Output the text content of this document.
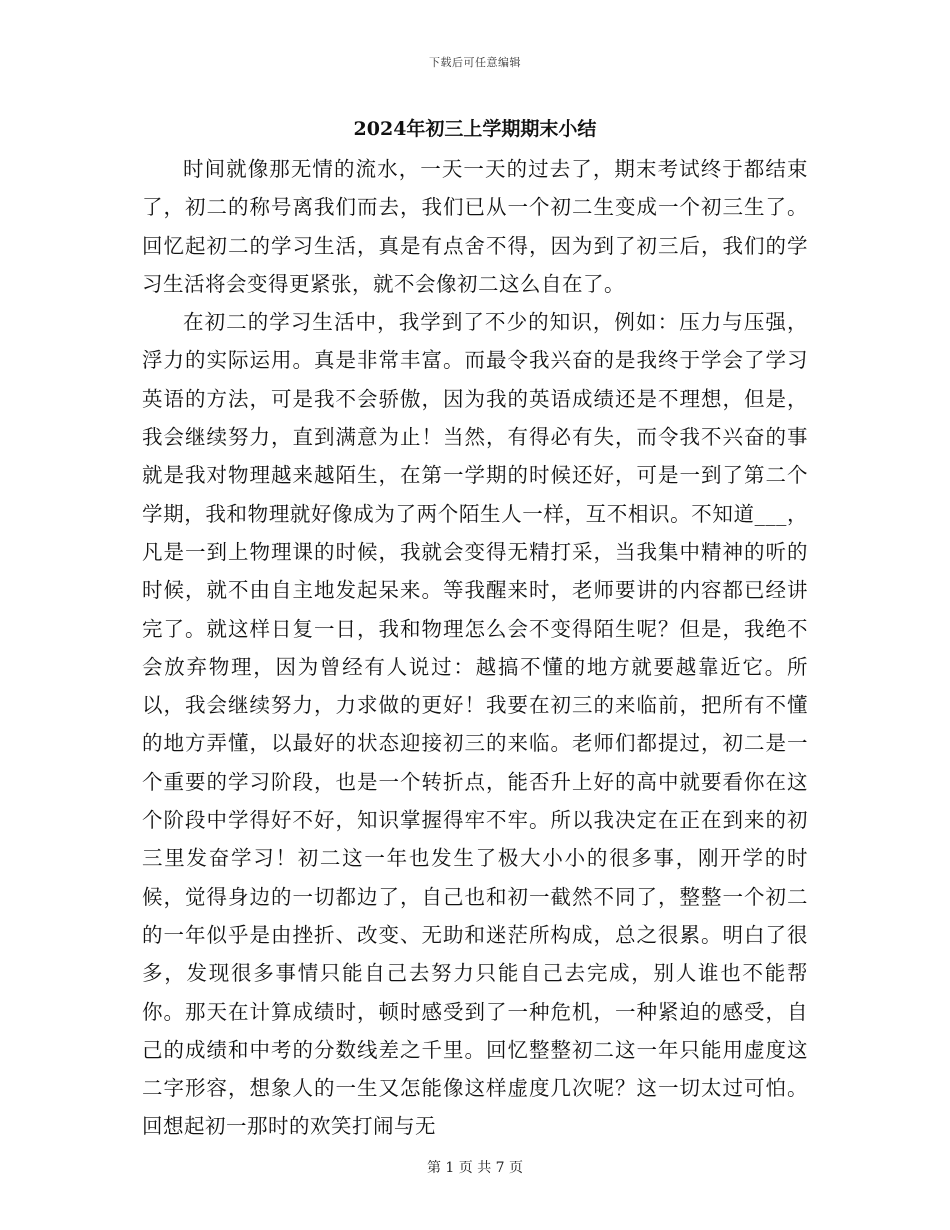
下载后可任意编辑
2024年初三上学期期末小结

时间就像那无情的流水，一天一天的过去了，期末考试终于都结束了，初二的称号离我们而去，我们已从一个初二生变成一个初三生了。回忆起初二的学习生活，真是有点舍不得，因为到了初三后，我们的学习生活将会变得更紧张，就不会像初二这么自在了。

在初二的学习生活中，我学到了不少的知识，例如：压力与压强，浮力的实际运用。真是非常丰富。而最令我兴奋的是我终于学会了学习英语的方法，可是我不会骄傲，因为我的英语成绩还是不理想，但是，我会继续努力，直到满意为止！当然，有得必有失，而令我不兴奋的事就是我对物理越来越陌生，在第一学期的时候还好，可是一到了第二个学期，我和物理就好像成为了两个陌生人一样，互不相识。不知道___，凡是一到上物理课的时候，我就会变得无精打采，当我集中精神的听的时候，就不由自主地发起呆来。等我醒来时，老师要讲的内容都已经讲完了。就这样日复一日，我和物理怎么会不变得陌生呢？但是，我绝不会放弃物理，因为曾经有人说过：越搞不懂的地方就要越靠近它。所以，我会继续努力，力求做的更好！我要在初三的来临前，把所有不懂的地方弄懂，以最好的状态迎接初三的来临。老师们都提过，初二是一个重要的学习阶段，也是一个转折点，能否升上好的高中就要看你在这个阶段中学得好不好，知识掌握得牢不牢。所以我决定在正在到来的初三里发奋学习！初二这一年也发生了极大小小的很多事，刚开学的时候，觉得身边的一切都边了，自己也和初一截然不同了，整整一个初二的一年似乎是由挫折、改变、无助和迷茫所构成，总之很累。明白了很多，发现很多事情只能自己去努力只能自己去完成，别人谁也不能帮你。那天在计算成绩时，顿时感受到了一种危机，一种紧迫的感受，自己的成绩和中考的分数线差之千里。回忆整整初二这一年只能用虚度这二字形容，想象人的一生又怎能像这样虚度几次呢？这一切太过可怕。回想起初一那时的欢笑打闹与无

第 1 页 共 7 页
